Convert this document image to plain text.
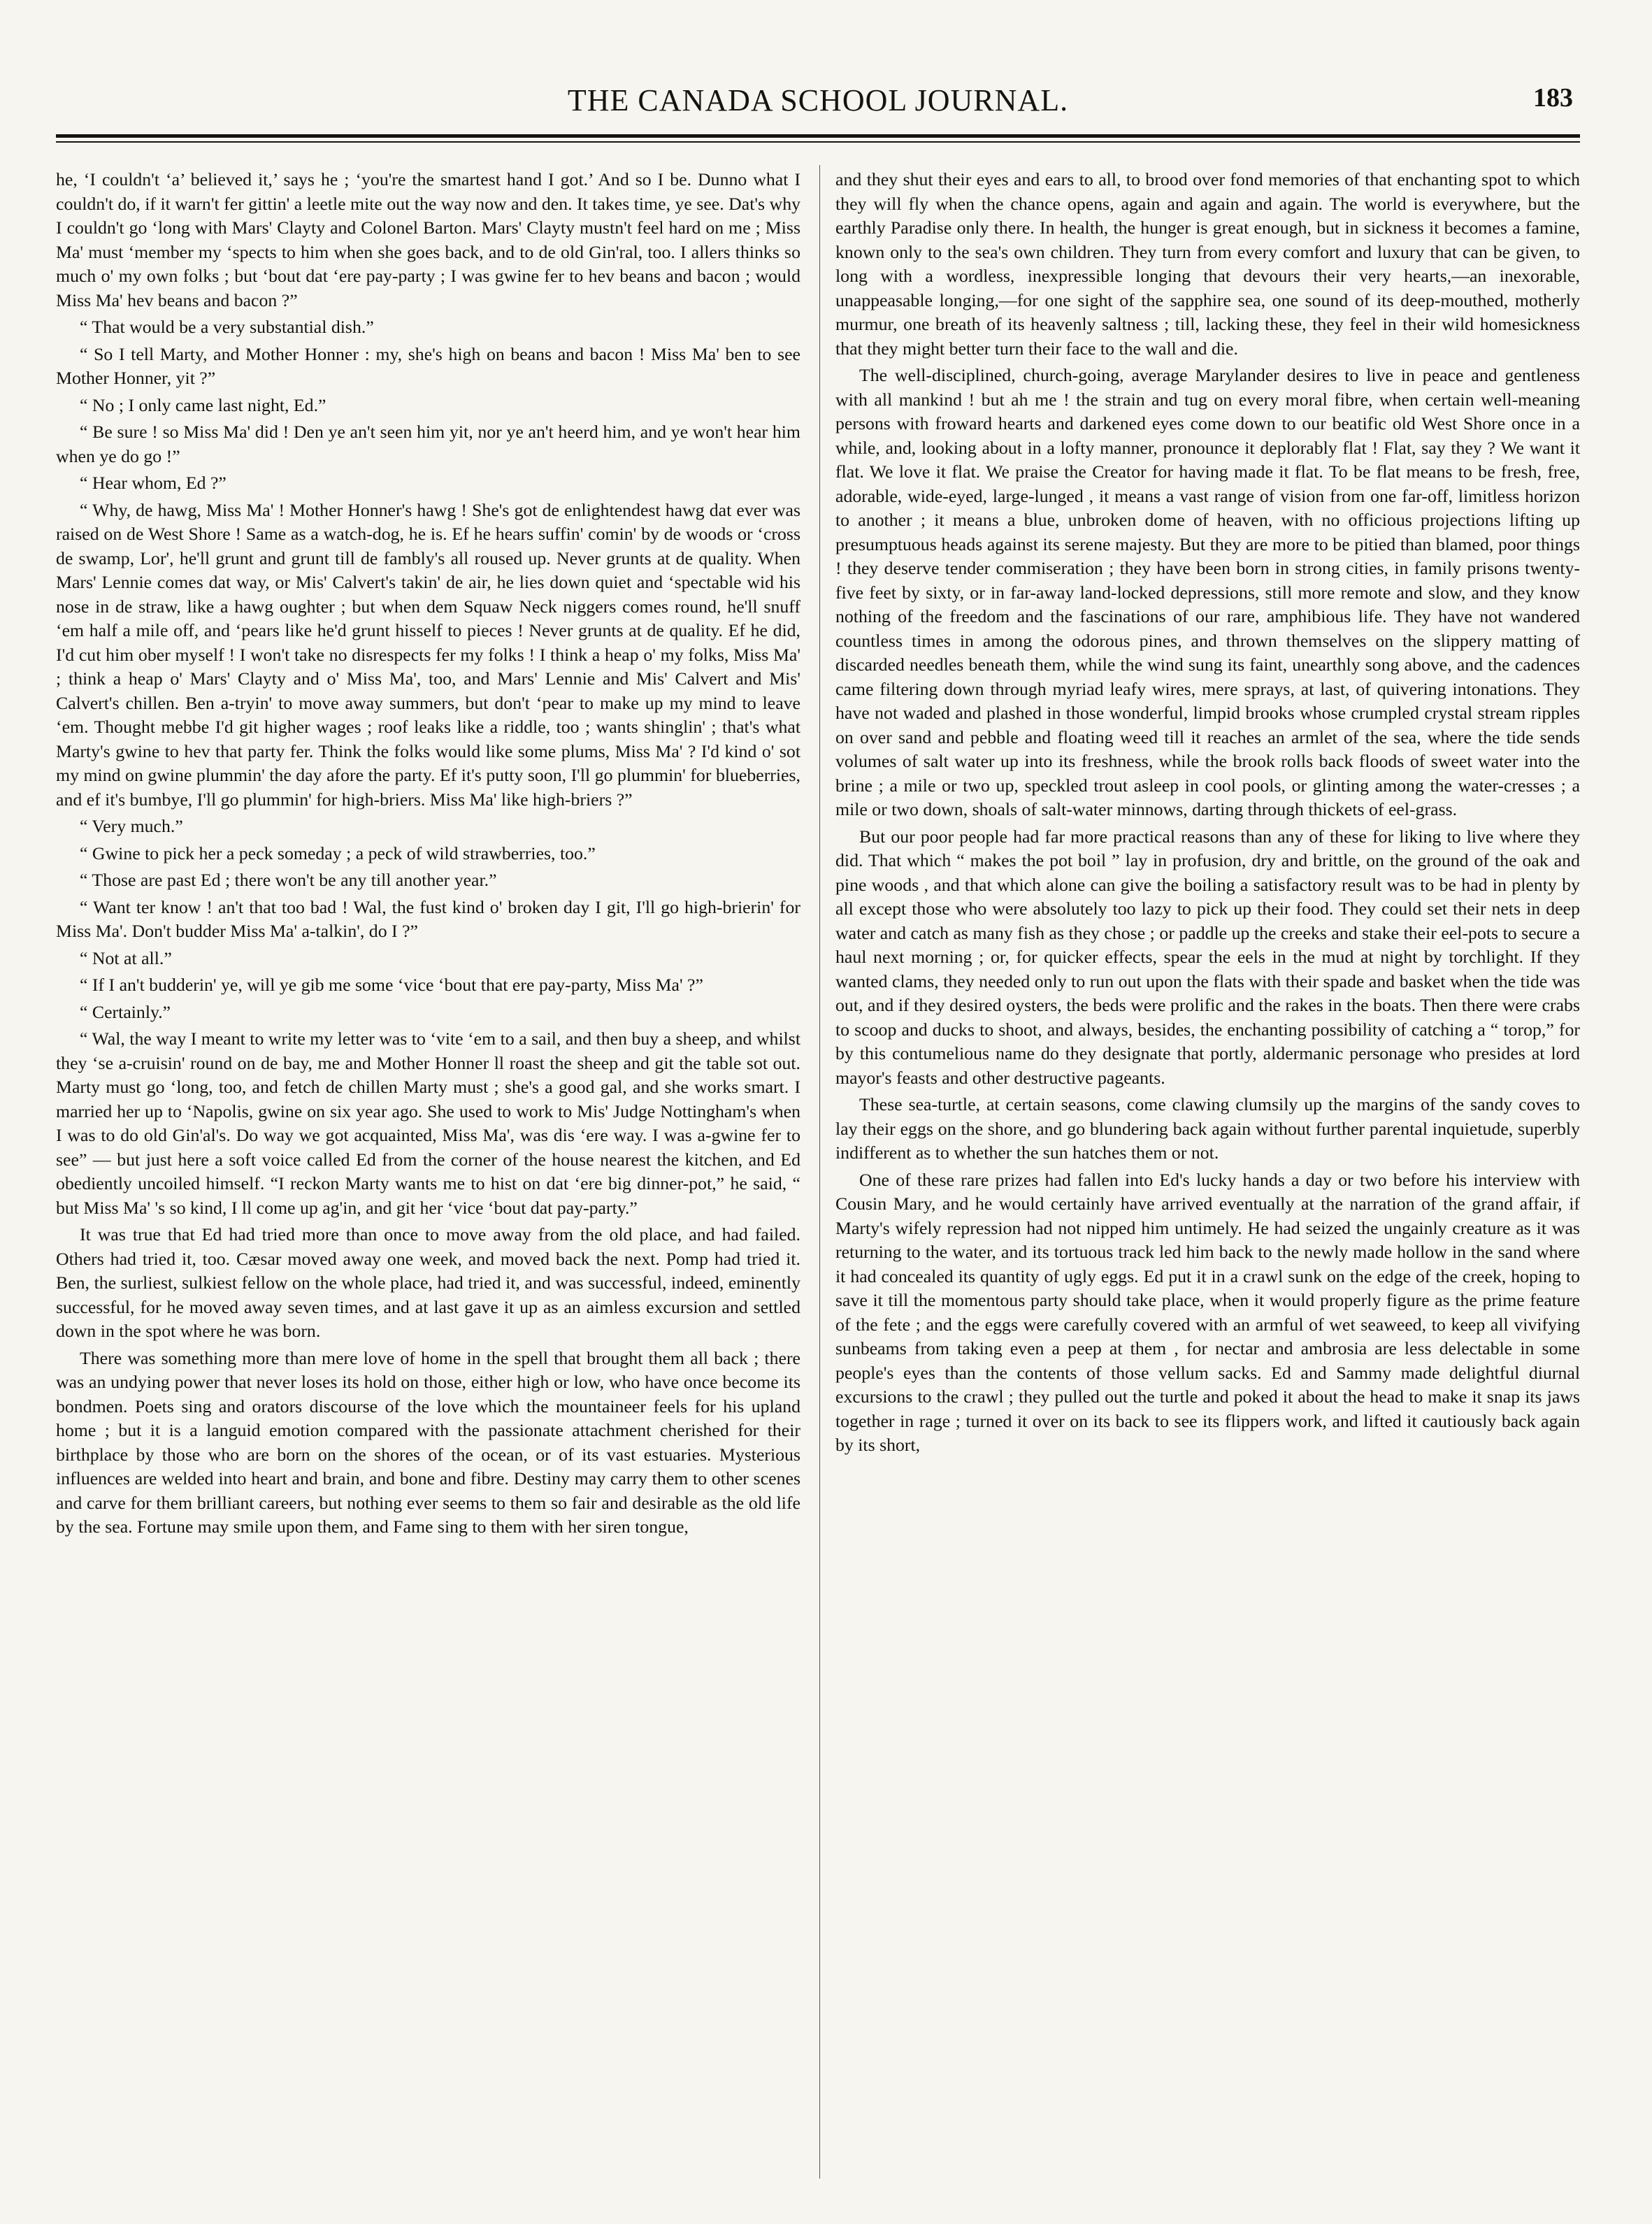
THE CANADA SCHOOL JOURNAL.	183

he, ‘I couldn't ‘a’ believed it,’ says he ; ‘you're the smartest hand I got.’ And so I be. Dunno what I couldn't do, if it warn't fer gittin' a leetle mite out the way now and den. It takes time, ye see. Dat's why I couldn't go ‘long with Mars' Clayty and Colonel Barton. Mars' Clayty mustn't feel hard on me ; Miss Ma' must ‘member my ‘spects to him when she goes back, and to de old Gin'ral, too. I allers thinks so much o' my own folks ; but ‘bout dat ‘ere pay-party ; I was gwine fer to hev beans and bacon ; would Miss Ma' hev beans and bacon ?”

“ That would be a very substantial dish.”

“ So I tell Marty, and Mother Honner : my, she's high on beans and bacon ! Miss Ma' ben to see Mother Honner, yit ?”

“ No ; I only came last night, Ed.”

“ Be sure ! so Miss Ma' did ! Den ye an't seen him yit, nor ye an't heerd him, and ye won't hear him when ye do go !”

“ Hear whom, Ed ?”

“ Why, de hawg, Miss Ma' ! Mother Honner's hawg ! She's got de enlightendest hawg dat ever was raised on de West Shore ! Same as a watch-dog, he is. Ef he hears suffin' comin' by de woods or ‘cross de swamp, Lor', he'll grunt and grunt till de fambly's all roused up. Never grunts at de quality. When Mars' Lennie comes dat way, or Mis' Calvert's takin' de air, he lies down quiet and ‘spectable wid his nose in de straw, like a hawg oughter ; but when dem Squaw Neck niggers comes round, he'll snuff ‘em half a mile off, and ‘pears like he'd grunt hisself to pieces ! Never grunts at de quality. Ef he did, I'd cut him ober myself ! I won't take no disrespects fer my folks ! I think a heap o' my folks, Miss Ma' ; think a heap o' Mars' Clayty and o' Miss Ma', too, and Mars' Lennie and Mis' Calvert and Mis' Calvert's chillen. Ben a-tryin' to move away summers, but don't ‘pear to make up my mind to leave ‘em. Thought mebbe I'd git higher wages ; roof leaks like a riddle, too ; wants shinglin' ; that's what Marty's gwine to hev that party fer. Think the folks would like some plums, Miss Ma' ? I'd kind o' sot my mind on gwine plummin' the day afore the party. Ef it's putty soon, I'll go plummin' for blueberries, and ef it's bumbye, I'll go plummin' for high-briers. Miss Ma' like high-briers ?”

“ Very much.”

“ Gwine to pick her a peck someday ; a peck of wild strawberries, too.”

“ Those are past Ed ; there won't be any till another year.”

“ Want ter know ! an't that too bad ! Wal, the fust kind o' broken day I git, I'll go high-brierin' for Miss Ma'. Don't budder Miss Ma' a-talkin', do I ?”

“ Not at all.”

“ If I an't budderin' ye, will ye gib me some ‘vice ‘bout that ere pay-party, Miss Ma' ?”

“ Certainly.”

“ Wal, the way I meant to write my letter was to ‘vite ‘em to a sail, and then buy a sheep, and whilst they ‘se a-cruisin' round on de bay, me and Mother Honner ll roast the sheep and git the table sot out. Marty must go ‘long, too, and fetch de chillen Marty must ; she's a good gal, and she works smart. I married her up to ‘Napolis, gwine on six year ago. She used to work to Mis' Judge Nottingham's when I was to do old Gin'al's. Do way we got acquainted, Miss Ma', was dis ‘ere way. I was a-gwine fer to see” — but just here a soft voice called Ed from the corner of the house nearest the kitchen, and Ed obediently uncoiled himself. “I reckon Marty wants me to hist on dat ‘ere big dinner-pot,” he said, “ but Miss Ma' 's so kind, I ll come up ag'in, and git her ‘vice ‘bout dat pay-party.”

It was true that Ed had tried more than once to move away from the old place, and had failed. Others had tried it, too. Cæsar moved away one week, and moved back the next. Pomp had tried it. Ben, the surliest, sulkiest fellow on the whole place, had tried it, and was successful, indeed, eminently successful, for he moved away seven times, and at last gave it up as an aimless excursion and settled down in the spot where he was born.

There was something more than mere love of home in the spell that brought them all back ; there was an undying power that never loses its hold on those, either high or low, who have once become its bondmen. Poets sing and orators discourse of the love which the mountaineer feels for his upland home ; but it is a languid emotion compared with the passionate attachment cherished for their birthplace by those who are born on the shores of the ocean, or of its vast estuaries. Mysterious influences are welded into heart and brain, and bone and fibre. Destiny may carry them to other scenes and carve for them brilliant careers, but nothing ever seems to them so fair and desirable as the old life by the sea. Fortune may smile upon them, and Fame sing to them with her siren tongue,

and they shut their eyes and ears to all, to brood over fond memories of that enchanting spot to which they will fly when the chance opens, again and again and again. The world is everywhere, but the earthly Paradise only there. In health, the hunger is great enough, but in sickness it becomes a famine, known only to the sea's own children. They turn from every comfort and luxury that can be given, to long with a wordless, inexpressible longing that devours their very hearts,—an inexorable, unappeasable longing,—for one sight of the sapphire sea, one sound of its deep-mouthed, motherly murmur, one breath of its heavenly saltness ; till, lacking these, they feel in their wild homesickness that they might better turn their face to the wall and die.

The well-disciplined, church-going, average Marylander desires to live in peace and gentleness with all mankind ! but ah me ! the strain and tug on every moral fibre, when certain well-meaning persons with froward hearts and darkened eyes come down to our beatific old West Shore once in a while, and, looking about in a lofty manner, pronounce it deplorably flat ! Flat, say they ? We want it flat. We love it flat. We praise the Creator for having made it flat. To be flat means to be fresh, free, adorable, wide-eyed, large-lunged , it means a vast range of vision from one far-off, limitless horizon to another ; it means a blue, unbroken dome of heaven, with no officious projections lifting up presumptuous heads against its serene majesty. But they are more to be pitied than blamed, poor things ! they deserve tender commiseration ; they have been born in strong cities, in family prisons twenty-five feet by sixty, or in far-away land-locked depressions, still more remote and slow, and they know nothing of the freedom and the fascinations of our rare, amphibious life. They have not wandered countless times in among the odorous pines, and thrown themselves on the slippery matting of discarded needles beneath them, while the wind sung its faint, unearthly song above, and the cadences came filtering down through myriad leafy wires, mere sprays, at last, of quivering intonations. They have not waded and plashed in those wonderful, limpid brooks whose crumpled crystal stream ripples on over sand and pebble and floating weed till it reaches an armlet of the sea, where the tide sends volumes of salt water up into its freshness, while the brook rolls back floods of sweet water into the brine ; a mile or two up, speckled trout asleep in cool pools, or glinting among the water-cresses ; a mile or two down, shoals of salt-water minnows, darting through thickets of eel-grass.

But our poor people had far more practical reasons than any of these for liking to live where they did. That which “ makes the pot boil ” lay in profusion, dry and brittle, on the ground of the oak and pine woods , and that which alone can give the boiling a satisfactory result was to be had in plenty by all except those who were absolutely too lazy to pick up their food. They could set their nets in deep water and catch as many fish as they chose ; or paddle up the creeks and stake their eel-pots to secure a haul next morning ; or, for quicker effects, spear the eels in the mud at night by torchlight. If they wanted clams, they needed only to run out upon the flats with their spade and basket when the tide was out, and if they desired oysters, the beds were prolific and the rakes in the boats. Then there were crabs to scoop and ducks to shoot, and always, besides, the enchanting possibility of catching a “ torop,” for by this contumelious name do they designate that portly, aldermanic personage who presides at lord mayor's feasts and other destructive pageants.

These sea-turtle, at certain seasons, come clawing clumsily up the margins of the sandy coves to lay their eggs on the shore, and go blundering back again without further parental inquietude, superbly indifferent as to whether the sun hatches them or not.

One of these rare prizes had fallen into Ed's lucky hands a day or two before his interview with Cousin Mary, and he would certainly have arrived eventually at the narration of the grand affair, if Marty's wifely repression had not nipped him untimely. He had seized the ungainly creature as it was returning to the water, and its tortuous track led him back to the newly made hollow in the sand where it had concealed its quantity of ugly eggs. Ed put it in a crawl sunk on the edge of the creek, hoping to save it till the momentous party should take place, when it would properly figure as the prime feature of the fete ; and the eggs were carefully covered with an armful of wet seaweed, to keep all vivifying sunbeams from taking even a peep at them , for nectar and ambrosia are less delectable in some people's eyes than the contents of those vellum sacks. Ed and Sammy made delightful diurnal excursions to the crawl ; they pulled out the turtle and poked it about the head to make it snap its jaws together in rage ; turned it over on its back to see its flippers work, and lifted it cautiously back again by its short,
